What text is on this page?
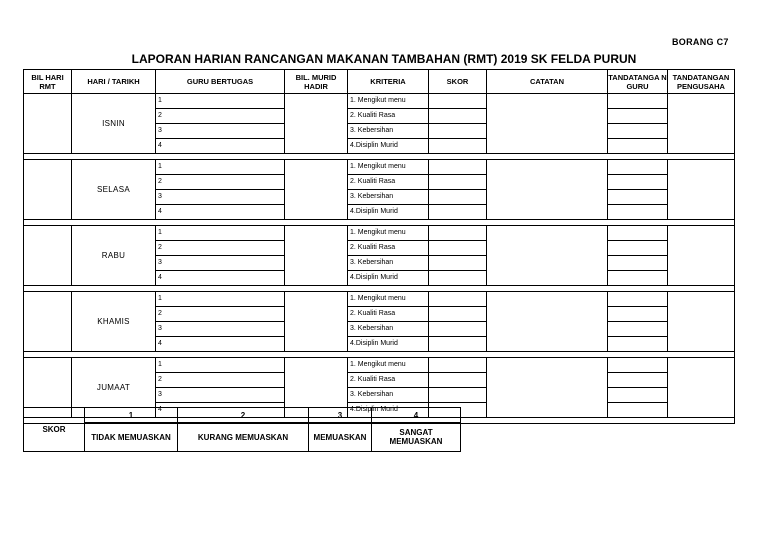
BORANG C7
LAPORAN HARIAN RANCANGAN MAKANAN TAMBAHAN (RMT) 2019 SK FELDA PURUN
BIL HARI RMT	HARI / TARIKH	GURU BERTUGAS	BIL. MURID HADIR	KRITERIA	SKOR	CATATAN	TANDATANGA N GURU	TANDATANGAN PENGUSAHA
	ISNIN	1		1. Mengikut menu				
		2		2. Kualiti Rasa				
		3		3. Kebersihan				
		4		4.Disiplin Murid				

	SELASA	1		1. Mengikut menu				
		2		2. Kualiti Rasa				
		3		3. Kebersihan				
		4		4.Disiplin Murid				

	RABU	1		1. Mengikut menu				
		2		2. Kualiti Rasa				
		3		3. Kebersihan				
		4		4.Disiplin Murid				

	KHAMIS	1		1. Mengikut menu				
		2		2. Kualiti Rasa				
		3		3. Kebersihan				
		4		4.Disiplin Murid				

	JUMAAT	1		1. Mengikut menu				
		2		2. Kualiti Rasa				
		3		3. Kebersihan				
		4		4.Disiplin Murid				

SKOR	1	2	3	4
	TIDAK MEMUASKAN	KURANG MEMUASKAN	MEMUASKAN	SANGAT MEMUASKAN
